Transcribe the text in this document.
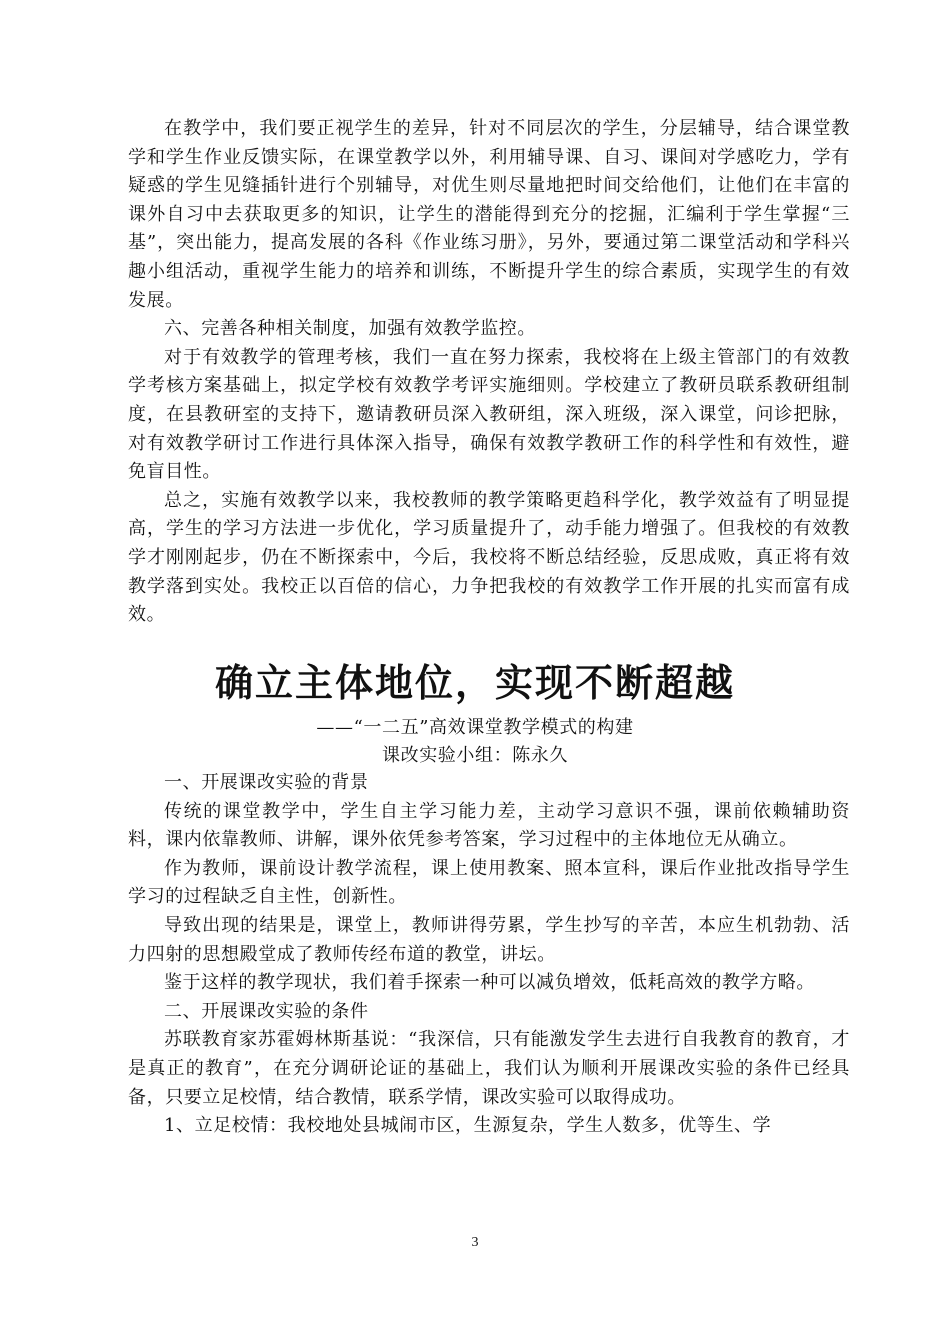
在教学中，我们要正视学生的差异，针对不同层次的学生，分层辅导，结合课堂教学和学生作业反馈实际，在课堂教学以外，利用辅导课、自习、课间对学感吃力，学有疑惑的学生见缝插针进行个别辅导，对优生则尽量地把时间交给他们，让他们在丰富的课外自习中去获取更多的知识，让学生的潜能得到充分的挖掘，汇编利于学生掌握“三基”，突出能力，提高发展的各科《作业练习册》，另外，要通过第二课堂活动和学科兴趣小组活动，重视学生能力的培养和训练，不断提升学生的综合素质，实现学生的有效发展。

六、完善各种相关制度，加强有效教学监控。

对于有效教学的管理考核，我们一直在努力探索，我校将在上级主管部门的有效教学考核方案基础上，拟定学校有效教学考评实施细则。学校建立了教研员联系教研组制度，在县教研室的支持下，邀请教研员深入教研组，深入班级，深入课堂，问诊把脉，对有效教学研讨工作进行具体深入指导，确保有效教学教研工作的科学性和有效性，避免盲目性。

总之，实施有效教学以来，我校教师的教学策略更趋科学化，教学效益有了明显提高，学生的学习方法进一步优化，学习质量提升了，动手能力增强了。但我校的有效教学才刚刚起步，仍在不断探索中，今后，我校将不断总结经验，反思成败，真正将有效教学落到实处。我校正以百倍的信心，力争把我校的有效教学工作开展的扎实而富有成效。

确立主体地位，实现不断超越

——“一二五”高效课堂教学模式的构建

课改实验小组：陈永久

一、开展课改实验的背景

传统的课堂教学中，学生自主学习能力差，主动学习意识不强，课前依赖辅助资料，课内依靠教师、讲解，课外依凭参考答案，学习过程中的主体地位无从确立。

作为教师，课前设计教学流程，课上使用教案、照本宣科，课后作业批改指导学生学习的过程缺乏自主性，创新性。

导致出现的结果是，课堂上，教师讲得劳累，学生抄写的辛苦，本应生机勃勃、活力四射的思想殿堂成了教师传经布道的教堂，讲坛。

鉴于这样的教学现状，我们着手探索一种可以减负增效，低耗高效的教学方略。

二、开展课改实验的条件

苏联教育家苏霍姆林斯基说：“我深信，只有能激发学生去进行自我教育的教育，才是真正的教育”，在充分调研论证的基础上，我们认为顺利开展课改实验的条件已经具备，只要立足校情，结合教情，联系学情，课改实验可以取得成功。

1、立足校情：我校地处县城闹市区，生源复杂，学生人数多，优等生、学

3
